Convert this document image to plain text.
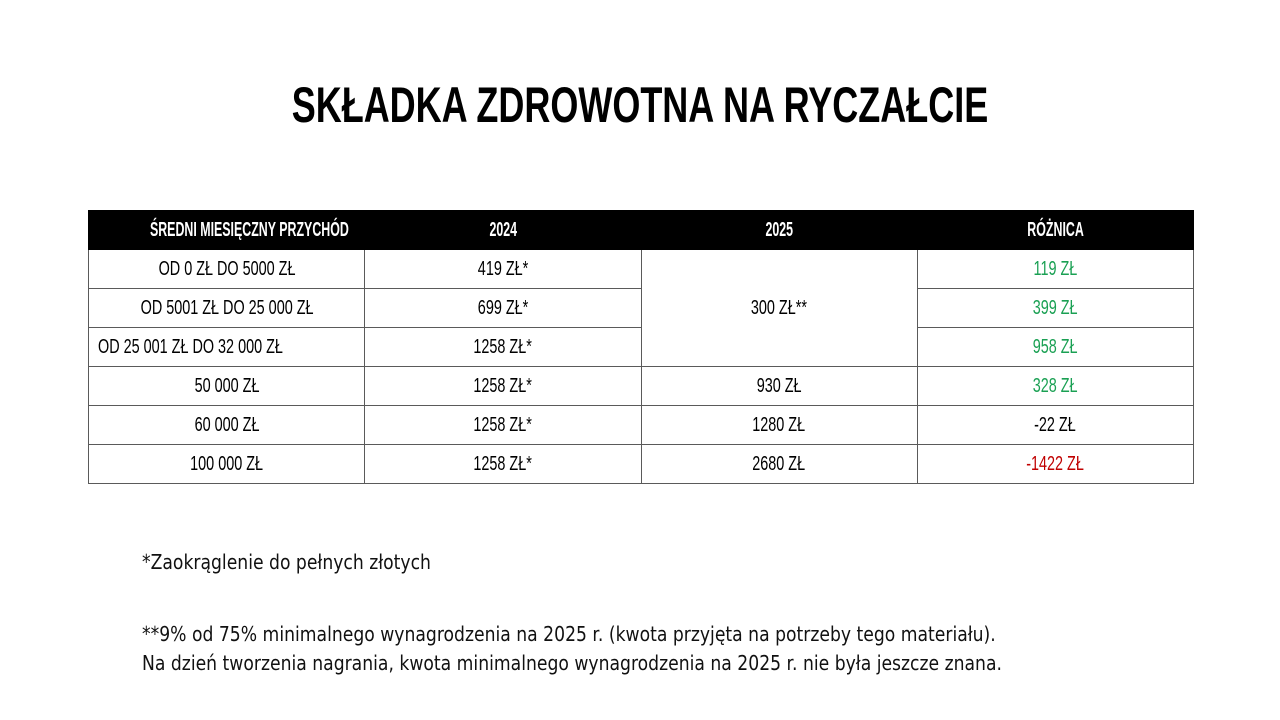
SKŁADKA ZDROWOTNA NA RYCZAŁCIE
ŚREDNI MIESIĘCZNY PRZYCHÓD	2024	2025	RÓŻNICA
OD 0 ZŁ DO 5000 ZŁ	419 ZŁ*	300 ZŁ**	119 ZŁ
OD 5001 ZŁ DO 25 000 ZŁ	699 ZŁ*		399 ZŁ
OD 25 001 ZŁ DO 32 000 ZŁ	1258 ZŁ*		958 ZŁ
50 000 ZŁ	1258 ZŁ*	930 ZŁ	328 ZŁ
60 000 ZŁ	1258 ZŁ*	1280 ZŁ	-22 ZŁ
100 000 ZŁ	1258 ZŁ*	2680 ZŁ	-1422 ZŁ
*Zaokrąglenie do pełnych złotych
**9% od 75% minimalnego wynagrodzenia na 2025 r. (kwota przyjęta na potrzeby tego materiału).
Na dzień tworzenia nagrania, kwota minimalnego wynagrodzenia na 2025 r. nie była jeszcze znana.
